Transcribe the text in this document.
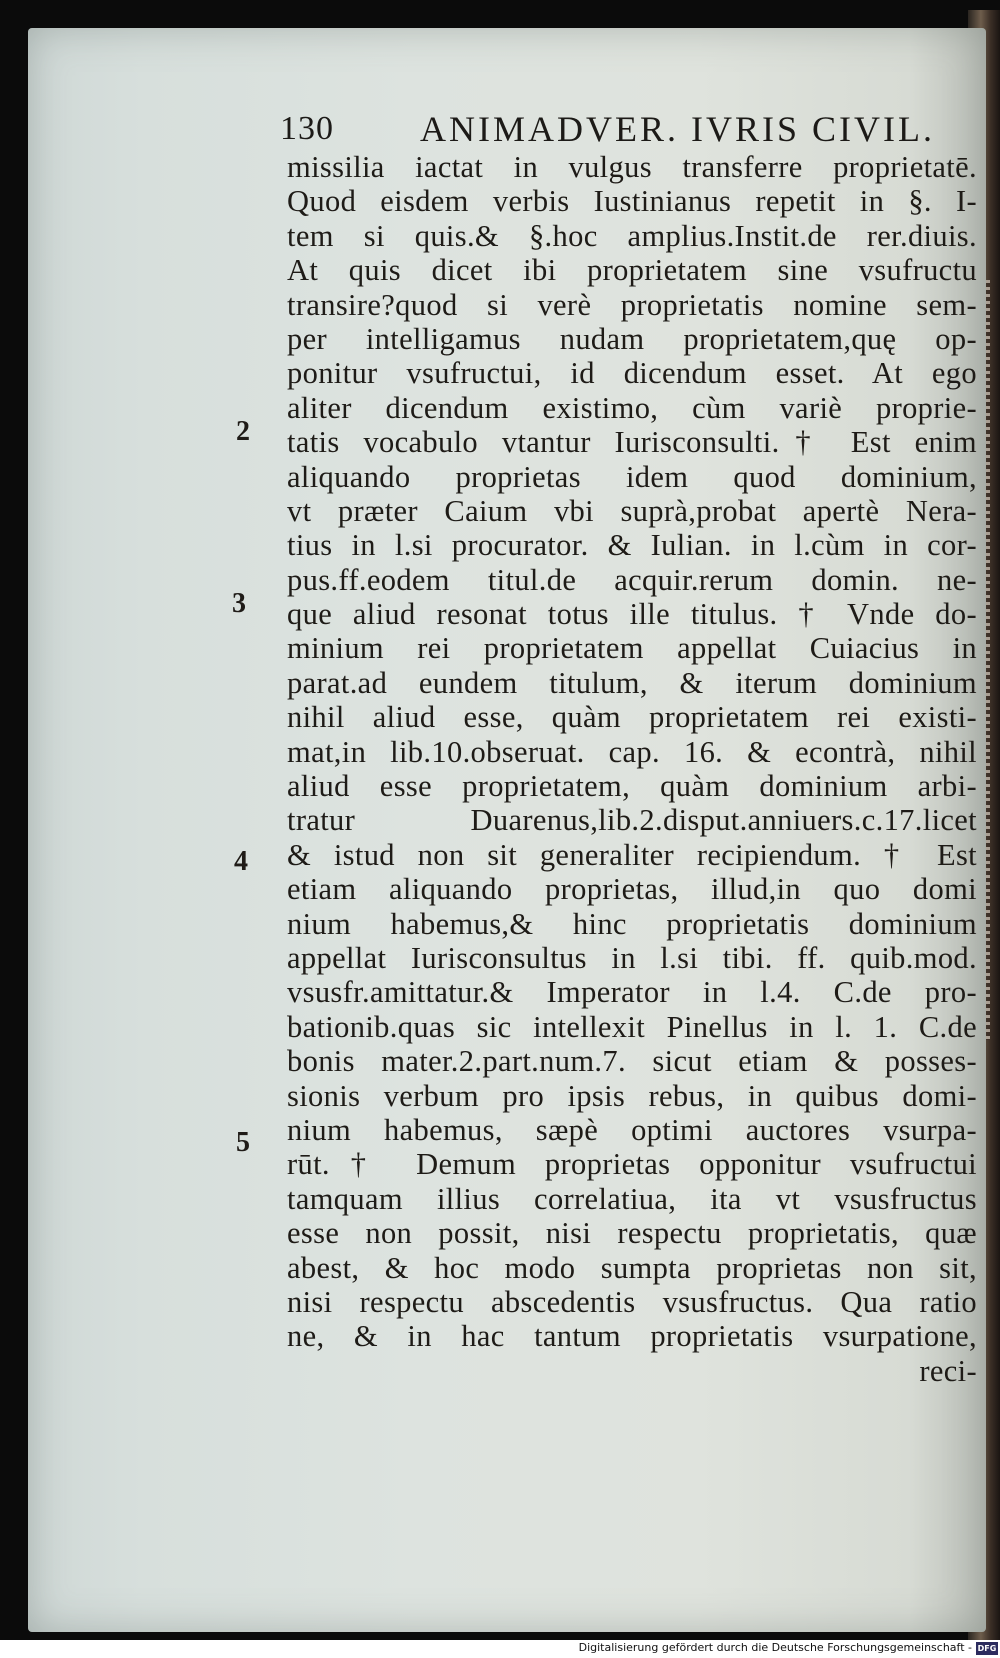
130 ANIMADVER. IVRIS CIVIL.
2
3
4
5
missilia iactat in vulgus transferre proprietatē.
Quod eisdem verbis Iustinianus repetit in §. I-
tem si quis.& §.hoc amplius.Instit.de rer.diuis.
At quis dicet ibi proprietatem sine vsufructu
transire?quod si verè proprietatis nomine sem-
per intelligamus nudam proprietatem,quę op-
ponitur vsufructui, id dicendum esset. At ego
aliter dicendum existimo, cùm variè proprie-
tatis vocabulo vtantur Iurisconsulti.† Est enim
aliquando proprietas idem quod dominium,
vt præter Caium vbi suprà,probat apertè Nera-
tius in l.si procurator. & Iulian. in l.cùm in cor-
pus.ff.eodem titul.de acquir.rerum domin. ne-
que aliud resonat totus ille titulus. † Vnde do-
minium rei proprietatem appellat Cuiacius in
parat.ad eundem titulum, & iterum dominium
nihil aliud esse, quàm proprietatem rei existi-
mat,in lib.10.obseruat. cap. 16. & econtrà, nihil
aliud esse proprietatem, quàm dominium arbi-
tratur Duarenus,lib.2.disput.anniuers.c.17.licet
& istud non sit generaliter recipiendum. † Est
etiam aliquando proprietas, illud,in quo domi
nium habemus,& hinc proprietatis dominium
appellat Iurisconsultus in l.si tibi. ff. quib.mod.
vsusfr.amittatur.& Imperator in l.4. C.de pro-
bationib.quas sic intellexit Pinellus in l. 1. C.de
bonis mater.2.part.num.7. sicut etiam & posses-
sionis verbum pro ipsis rebus, in quibus domi-
nium habemus, sæpè optimi auctores vsurpa-
rūt.† Demum proprietas opponitur vsufructui
tamquam illius correlatiua, ita vt vsusfructus
esse non possit, nisi respectu proprietatis, quæ
abest, & hoc modo sumpta proprietas non sit,
nisi respectu abscedentis vsusfructus. Qua ratio
ne, & in hac tantum proprietatis vsurpatione,
reci-
Digitalisierung gefördert durch die Deutsche Forschungsgemeinschaft - DFG
